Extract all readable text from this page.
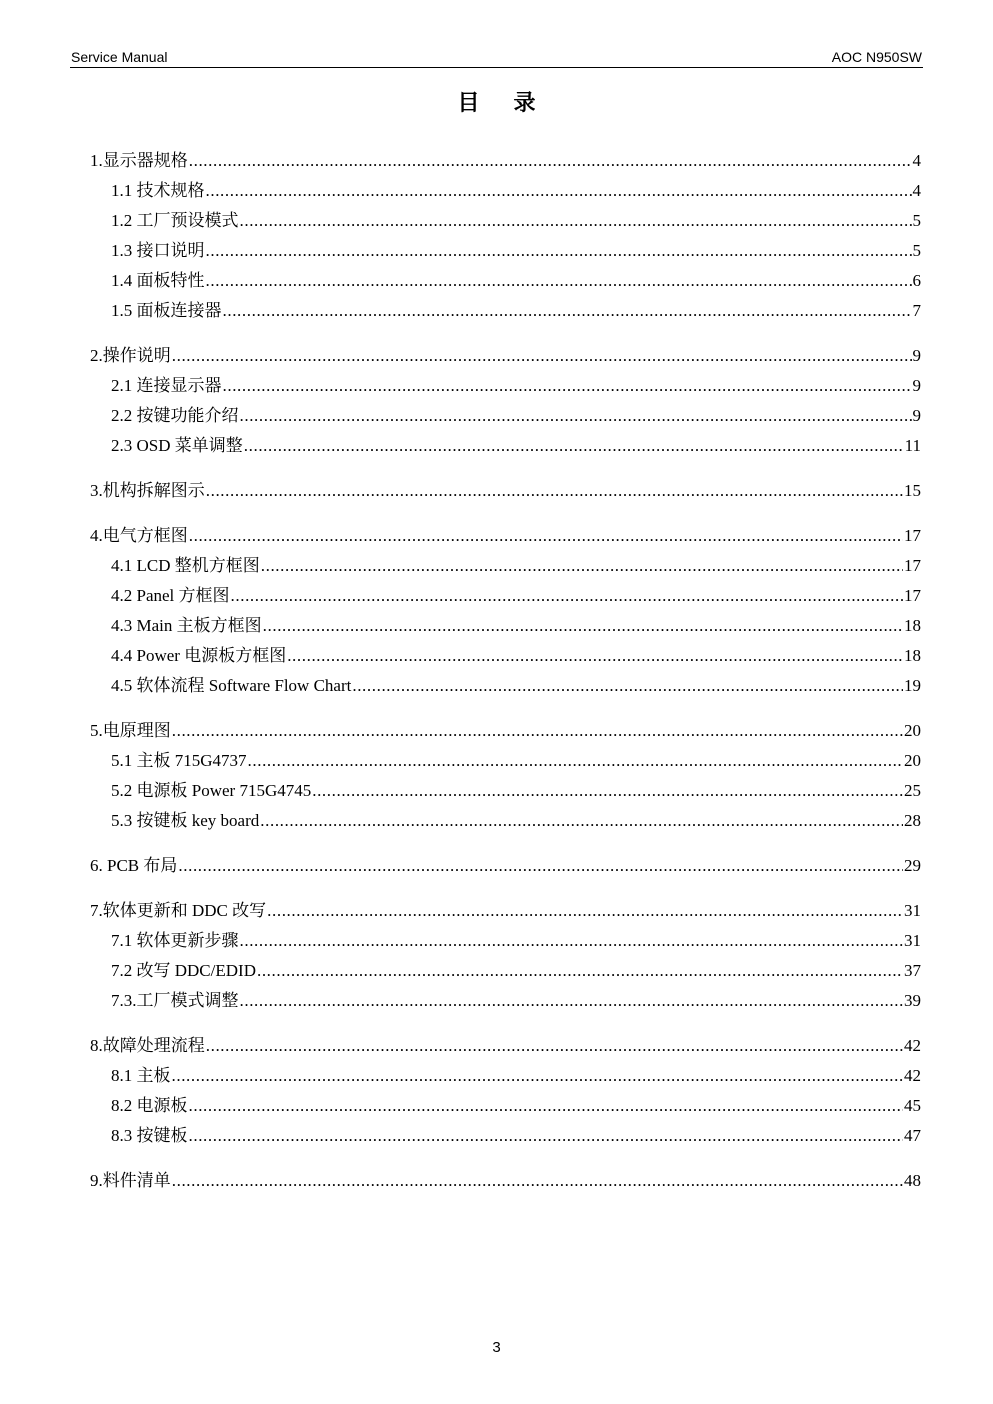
Service Manual	AOC N950SW
目 录
1.显示器规格 .....	4
1.1 技术规格 .....	4
1.2 工厂预设模式 .....	5
1.3 接口说明 .....	5
1.4 面板特性 .....	6
1.5 面板连接器 .....	7
2.操作说明 .....	9
2.1 连接显示器 .....	9
2.2 按键功能介绍 .....	9
2.3 OSD 菜单调整 .....	11
3.机构拆解图示 .....	15
4.电气方框图 .....	17
4.1 LCD 整机方框图 .....	17
4.2 Panel 方框图 .....	17
4.3 Main 主板方框图 .....	18
4.4 Power 电源板方框图 .....	18
4.5 软体流程 Software Flow Chart .....	19
5.电原理图 .....	20
5.1 主板 715G4737 .....	20
5.2 电源板 Power 715G4745 .....	25
5.3 按键板 key board .....	28
6. PCB 布局 .....	29
7.软体更新和 DDC 改写 .....	31
7.1 软体更新步骤 .....	31
7.2 改写 DDC/EDID .....	37
7.3.工厂模式调整 .....	39
8.故障处理流程 .....	42
8.1 主板 .....	42
8.2 电源板 .....	45
8.3 按键板 .....	47
9.料件清单 .....	48
3
